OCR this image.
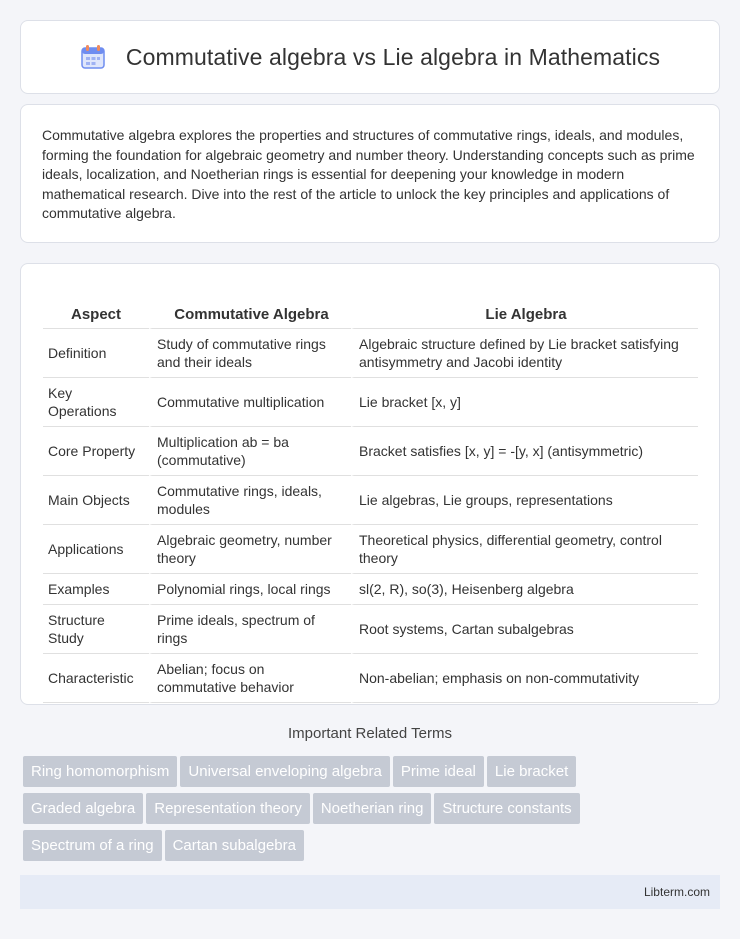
Commutative algebra vs Lie algebra in Mathematics

Commutative algebra explores the properties and structures of commutative rings, ideals, and modules, forming the foundation for algebraic geometry and number theory. Understanding concepts such as prime ideals, localization, and Noetherian rings is essential for deepening your knowledge in modern mathematical research. Dive into the rest of the article to unlock the key principles and applications of commutative algebra.

Aspect	Commutative Algebra	Lie Algebra
Definition	Study of commutative rings and their ideals	Algebraic structure defined by Lie bracket satisfying antisymmetry and Jacobi identity
Key Operations	Commutative multiplication	Lie bracket [x, y]
Core Property	Multiplication ab = ba (commutative)	Bracket satisfies [x, y] = -[y, x] (antisymmetric)
Main Objects	Commutative rings, ideals, modules	Lie algebras, Lie groups, representations
Applications	Algebraic geometry, number theory	Theoretical physics, differential geometry, control theory
Examples	Polynomial rings, local rings	sl(2, R), so(3), Heisenberg algebra
Structure Study	Prime ideals, spectrum of rings	Root systems, Cartan subalgebras
Characteristic	Abelian; focus on commutative behavior	Non-abelian; emphasis on non-commutativity
Important Related Terms
Ring homomorphism Universal enveloping algebra Prime ideal Lie bracket
Graded algebra Representation theory Noetherian ring Structure constants
Spectrum of a ring Cartan subalgebra
Libterm.com
